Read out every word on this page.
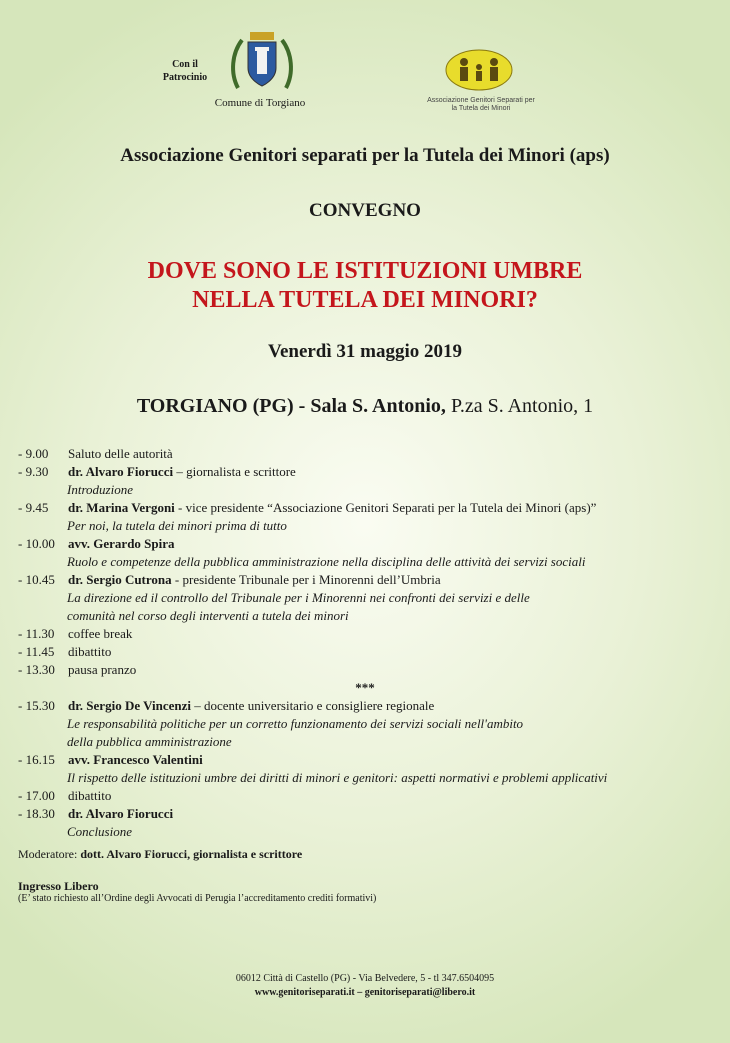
Con il Patrocinio
Comune di Torgiano	Associazione Genitori Separati per la Tutela dei Minori
Associazione Genitori separati per la Tutela dei Minori (aps)
CONVEGNO
DOVE SONO LE ISTITUZIONI UMBRE
NELLA TUTELA DEI MINORI?
Venerdì 31 maggio 2019
TORGIANO (PG) - Sala S. Antonio, P.za S. Antonio, 1
- 9.00 Saluto delle autorità
- 9.30 dr. Alvaro Fiorucci – giornalista e scrittore
Introduzione
- 9.45 dr. Marina Vergoni - vice presidente “Associazione Genitori Separati per la Tutela dei Minori (aps)”
Per noi, la tutela dei minori prima di tutto
- 10.00 avv. Gerardo Spira
Ruolo e competenze della pubblica amministrazione nella disciplina delle attività dei servizi sociali
- 10.45 dr. Sergio Cutrona - presidente Tribunale per i Minorenni dell’Umbria
La direzione ed il controllo del Tribunale per i Minorenni nei confronti dei servizi e delle
comunità nel corso degli interventi a tutela dei minori
- 11.30 coffee break
- 11.45 dibattito
- 13.30 pausa pranzo
***
- 15.30 dr. Sergio De Vincenzi – docente universitario e consigliere regionale
Le responsabilità politiche per un corretto funzionamento dei servizi sociali nell'ambito
della pubblica amministrazione
- 16.15 avv. Francesco Valentini
Il rispetto delle istituzioni umbre dei diritti di minori e genitori: aspetti normativi e problemi applicativi
- 17.00 dibattito
- 18.30 dr. Alvaro Fiorucci
Conclusione
Moderatore: dott. Alvaro Fiorucci, giornalista e scrittore
Ingresso Libero
(E’ stato richiesto all’Ordine degli Avvocati di Perugia l’accreditamento crediti formativi)
06012 Città di Castello (PG) - Via Belvedere, 5 - tl 347.6504095
www.genitoriseparati.it – genitoriseparati@libero.it
